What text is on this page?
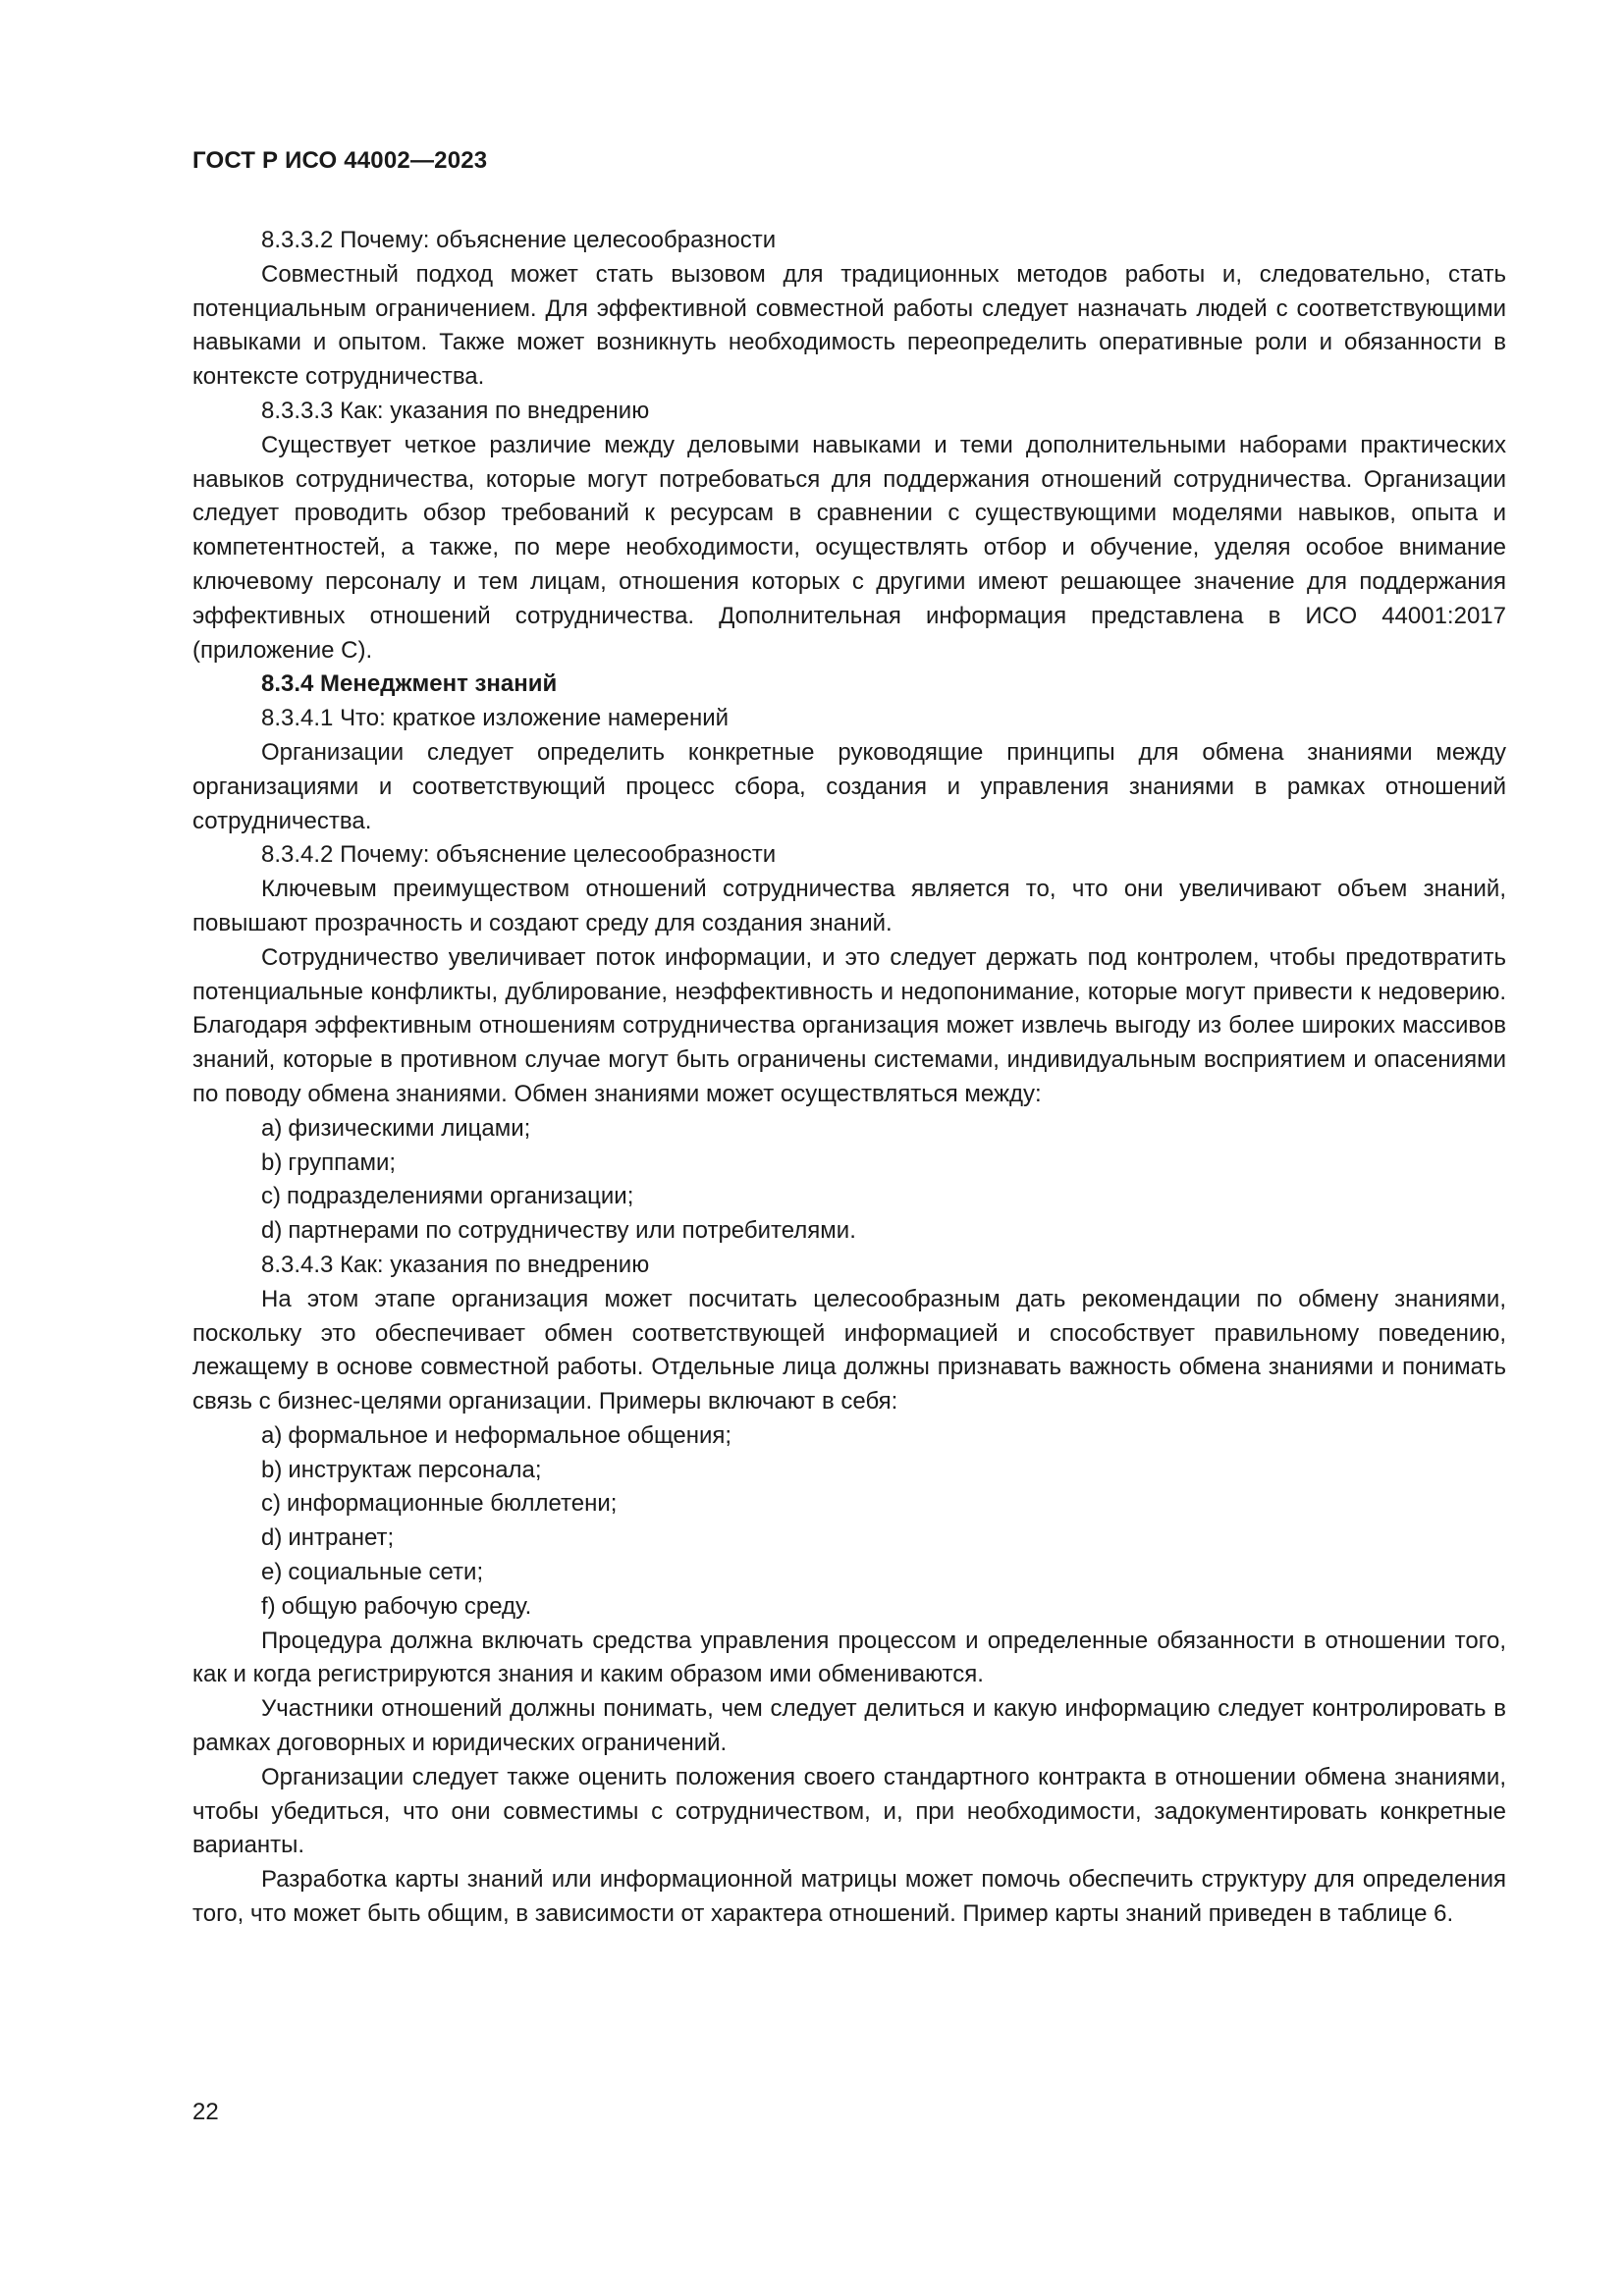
ГОСТ Р ИСО 44002—2023

8.3.3.2 Почему: объяснение целесообразности

Совместный подход может стать вызовом для традиционных методов работы и, следовательно, стать потенциальным ограничением. Для эффективной совместной работы следует назначать людей с соответствующими навыками и опытом. Также может возникнуть необходимость переопределить оперативные роли и обязанности в контексте сотрудничества.

8.3.3.3 Как: указания по внедрению

Существует четкое различие между деловыми навыками и теми дополнительными наборами практических навыков сотрудничества, которые могут потребоваться для поддержания отношений сотрудничества. Организации следует проводить обзор требований к ресурсам в сравнении с существующими моделями навыков, опыта и компетентностей, а также, по мере необходимости, осуществлять отбор и обучение, уделяя особое внимание ключевому персоналу и тем лицам, отношения которых с другими имеют решающее значение для поддержания эффективных отношений сотрудничества. Дополнительная информация представлена в ИСО 44001:2017 (приложение С).

8.3.4 Менеджмент знаний

8.3.4.1 Что: краткое изложение намерений

Организации следует определить конкретные руководящие принципы для обмена знаниями между организациями и соответствующий процесс сбора, создания и управления знаниями в рамках отношений сотрудничества.

8.3.4.2 Почему: объяснение целесообразности

Ключевым преимуществом отношений сотрудничества является то, что они увеличивают объем знаний, повышают прозрачность и создают среду для создания знаний.

Сотрудничество увеличивает поток информации, и это следует держать под контролем, чтобы предотвратить потенциальные конфликты, дублирование, неэффективность и недопонимание, которые могут привести к недоверию. Благодаря эффективным отношениям сотрудничества организация может извлечь выгоду из более широких массивов знаний, которые в противном случае могут быть ограничены системами, индивидуальным восприятием и опасениями по поводу обмена знаниями. Обмен знаниями может осуществляться между:

a) физическими лицами;

b) группами;

c) подразделениями организации;

d) партнерами по сотрудничеству или потребителями.

8.3.4.3 Как: указания по внедрению

На этом этапе организация может посчитать целесообразным дать рекомендации по обмену знаниями, поскольку это обеспечивает обмен соответствующей информацией и способствует правильному поведению, лежащему в основе совместной работы. Отдельные лица должны признавать важность обмена знаниями и понимать связь с бизнес-целями организации. Примеры включают в себя:

a) формальное и неформальное общения;

b) инструктаж персонала;

c) информационные бюллетени;

d) интранет;

e) социальные сети;

f) общую рабочую среду.

Процедура должна включать средства управления процессом и определенные обязанности в отношении того, как и когда регистрируются знания и каким образом ими обмениваются.

Участники отношений должны понимать, чем следует делиться и какую информацию следует контролировать в рамках договорных и юридических ограничений.

Организации следует также оценить положения своего стандартного контракта в отношении обмена знаниями, чтобы убедиться, что они совместимы с сотрудничеством, и, при необходимости, задокументировать конкретные варианты.

Разработка карты знаний или информационной матрицы может помочь обеспечить структуру для определения того, что может быть общим, в зависимости от характера отношений. Пример карты знаний приведен в таблице 6.

22
